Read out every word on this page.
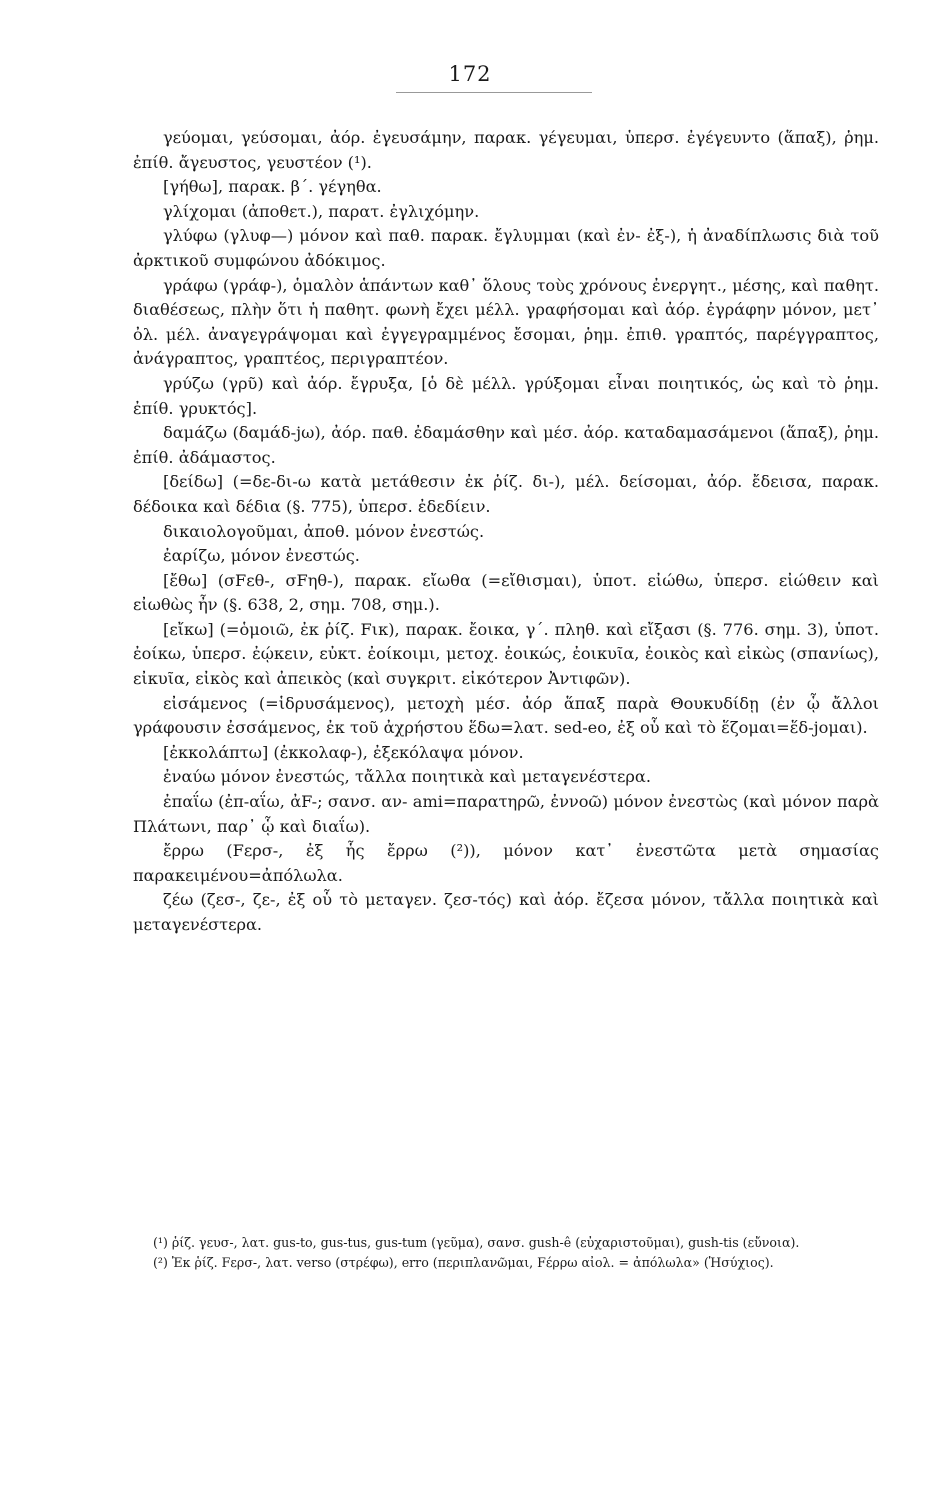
172

γεύομαι, γεύσομαι, ἀόρ. ἐγευσάμην, παρακ. γέγευμαι, ὑπερσ. ἐγέγευντο (ἅπαξ), ῥημ. ἐπίθ. ἄγευστος, γευστέον (¹).

[γήθω], παρακ. β΄. γέγηθα.

γλίχομαι (ἀποθετ.), παρατ. ἐγλιχόμην.

γλύφω (γλυφ—) μόνον καὶ παθ. παρακ. ἔγλυμμαι (καὶ ἐν- ἐξ-), ἡ ἀναδίπλωσις διὰ τοῦ ἀρκτικοῦ συμφώνου ἀδόκιμος.

γράφω (γράφ-), ὁμαλὸν ἁπάντων καθ᾽ ὅλους τοὺς χρόνους ἐνεργητ., μέσης, καὶ παθητ. διαθέσεως, πλὴν ὅτι ἡ παθητ. φωνὴ ἔχει μέλλ. γραφήσομαι καὶ ἀόρ. ἐγράφην μόνον, μετ᾽ ὀλ. μέλ. ἀναγεγράψομαι καὶ ἐγγεγραμμένος ἔσομαι, ῥημ. ἐπιθ. γραπτός, παρέγγραπτος, ἀνάγραπτος, γραπτέος, περιγραπτέον.

γρύζω (γρῦ) καὶ ἀόρ. ἔγρυξα, [ὁ δὲ μέλλ. γρύξομαι εἶναι ποιητικός, ὡς καὶ τὸ ῥημ. ἐπίθ. γρυκτός].

δαμάζω (δαμάδ-jω), ἀόρ. παθ. ἐδαμάσθην καὶ μέσ. ἀόρ. καταδαμασάμενοι (ἅπαξ), ῥημ. ἐπίθ. ἀδάμαστος.

[δείδω] (=δε-δι-ω κατὰ μετάθεσιν ἐκ ῥίζ. δι-), μέλ. δείσομαι, ἀόρ. ἔδεισα, παρακ. δέδοικα καὶ δέδια (§. 775), ὑπερσ. ἐδεδίειν.

δικαιολογοῦμαι, ἀποθ. μόνον ἐνεστώς.

ἐαρίζω, μόνον ἐνεστώς.

[ἔθω] (σFεθ-, σFηθ-), παρακ. εἴωθα (=εἴθισμαι), ὑποτ. εἰώθω, ὑπερσ. εἰώθειν καὶ εἰωθὼς ἦν (§. 638, 2, σημ. 708, σημ.).

[εἴκω] (=ὁμοιῶ, ἐκ ῥίζ. Fικ), παρακ. ἔοικα, γ΄. πληθ. καὶ εἴξασι (§. 776. σημ. 3), ὑποτ. ἐοίκω, ὑπερσ. ἐῴκειν, εὐκτ. ἐοίκοιμι, μετοχ. ἐοικώς, ἐοικυῖα, ἐοικὸς καὶ εἰκὼς (σπανίως), εἰκυῖα, εἰκὸς καὶ ἀπεικὸς (καὶ συγκριτ. εἰκότερον Ἀντιφῶν).

εἰσάμενος (=ἱδρυσάμενος), μετοχὴ μέσ. ἀόρ ἅπαξ παρὰ Θουκυδίδῃ (ἐν ᾧ ἄλλοι γράφουσιν ἐσσάμενος, ἐκ τοῦ ἀχρήστου ἕδω=λατ. sed-eo, ἐξ οὗ καὶ τὸ ἕζομαι=ἕδ-jομαι).

[ἐκκολάπτω] (ἐκκολαφ-), ἐξεκόλαψα μόνον.

ἐναύω μόνον ἐνεστώς, τἄλλα ποιητικὰ καὶ μεταγενέστερα.

ἐπαΐω (ἐπ-αΐω, ἀF-; σανσ. αν- ami=παρατηρῶ, ἐννοῶ) μόνον ἐνεστὼς (καὶ μόνον παρὰ Πλάτωνι, παρ᾽ ᾧ καὶ διαΐω).

ἔρρω (Fερσ-, ἐξ ἧς ἔρρω (²)), μόνον κατ᾽ ἐνεστῶτα μετὰ σημασίας παρακειμένου=ἀπόλωλα.

ζέω (ζεσ-, ζε-, ἐξ οὗ τὸ μεταγεν. ζεσ-τός) καὶ ἀόρ. ἔζεσα μόνον, τἄλλα ποιητικὰ καὶ μεταγενέστερα.

(¹) ῥίζ. γευσ-, λατ. gus-to, gus-tus, gus-tum (γεῦμα), σανσ. gush-ê (εὐχαριστοῦμαι), gush-tis (εὔνοια).

(²) Ἐκ ῥίζ. Fερσ-, λατ. verso (στρέφω), erro (περιπλανῶμαι, Fέρρω αἰολ. = ἀπόλωλα» (Ἡσύχιος).
